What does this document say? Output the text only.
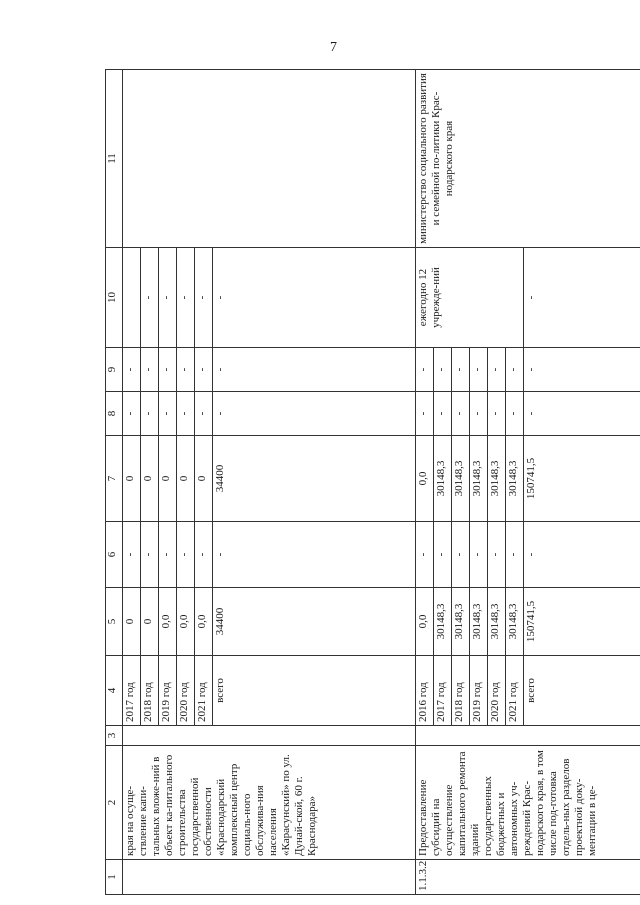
7
1	2	3	4	5	6	7	8	9	10	11
	края на осуще-ствление капи-тальных вложе-ний в объект ка-питального строительства государственной собственности «Краснодарский комплексный центр социаль-ного обслужива-ния населения «Карасунский» по ул. Дунай-ской, 60 г. Краснодара»		2017 год	0	-	0	-	-		
			2018 год	0	-	0	-	-	-	
			2019 год	0,0	-	0	-	-	-	
			2020 год	0,0	-	0	-	-	-	
			2021 год	0,0	-	0	-	-	-	
			всего	34400	-	34400	-	-	-	
1.1.3.2	Предоставление субсидий на осуществление капитального ремонта зданий государственных бюджетных и автономных уч-реждений Крас-нодарского края, в том числе под-готовка отдель-ных разделов проектной доку-ментации в це-		2016 год	0,0	-	0,0	-	-	ежегодно 12 учрежде-ний	министерство социального развития и семейной по-литики Крас-нодарского края
			2017 год	30148,3	-	30148,3	-	-		
			2018 год	30148,3	-	30148,3	-	-		
			2019 год	30148,3	-	30148,3	-	-		
			2020 год	30148,3	-	30148,3	-	-		
			2021 год	30148,3	-	30148,3	-	-		
			всего	150741,5	-	150741,5	-	-	-	
